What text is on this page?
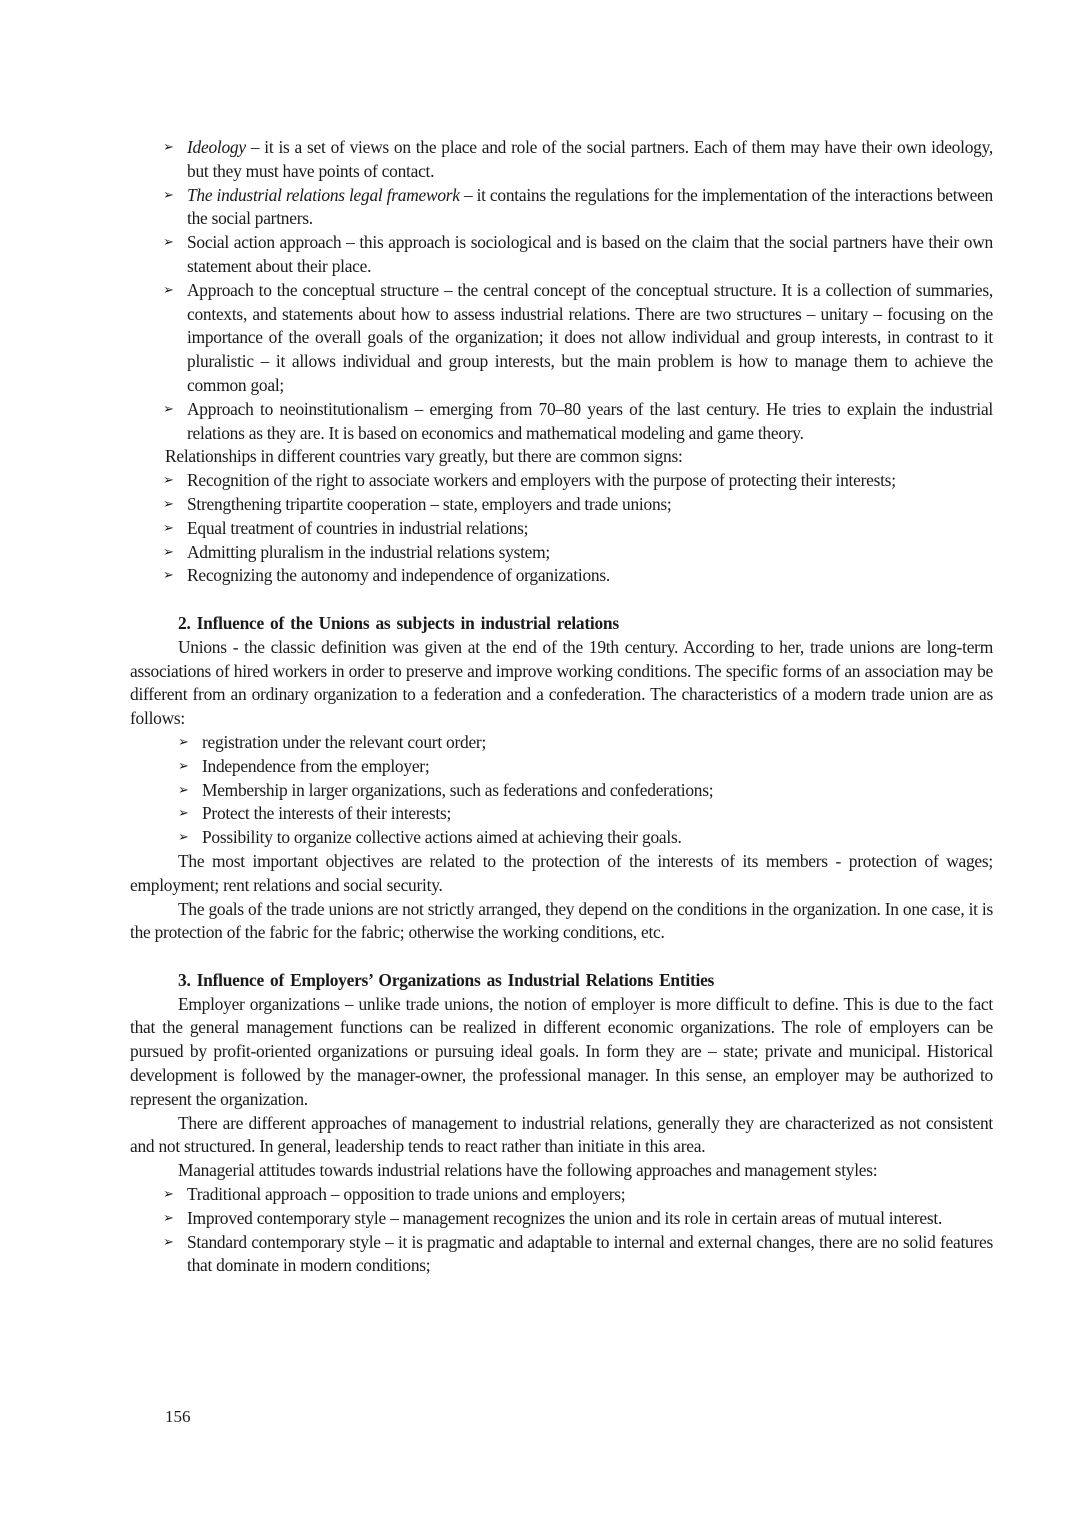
➢ Ideology – it is a set of views on the place and role of the social partners. Each of them may have their own ideology, but they must have points of contact.
➢ The industrial relations legal framework – it contains the regulations for the implementation of the interactions between the social partners.
➢ Social action approach – this approach is sociological and is based on the claim that the social partners have their own statement about their place.
➢ Approach to the conceptual structure – the central concept of the conceptual structure. It is a collection of summaries, contexts, and statements about how to assess industrial relations. There are two structures – unitary – focusing on the importance of the overall goals of the organization; it does not allow individual and group interests, in contrast to it pluralistic – it allows individual and group interests, but the main problem is how to manage them to achieve the common goal;
➢ Approach to neoinstitutionalism – emerging from 70–80 years of the last century. He tries to explain the industrial relations as they are. It is based on economics and mathematical modeling and game theory.
Relationships in different countries vary greatly, but there are common signs:
➢ Recognition of the right to associate workers and employers with the purpose of protecting their interests;
➢ Strengthening tripartite cooperation – state, employers and trade unions;
➢ Equal treatment of countries in industrial relations;
➢ Admitting pluralism in the industrial relations system;
➢ Recognizing the autonomy and independence of organizations.
2. Influence of the Unions as subjects in industrial relations
Unions - the classic definition was given at the end of the 19th century. According to her, trade unions are long-term associations of hired workers in order to preserve and improve working conditions. The specific forms of an association may be different from an ordinary organization to a federation and a confederation. The characteristics of a modern trade union are as follows:
➢ registration under the relevant court order;
➢ Independence from the employer;
➢ Membership in larger organizations, such as federations and confederations;
➢ Protect the interests of their interests;
➢ Possibility to organize collective actions aimed at achieving their goals.
The most important objectives are related to the protection of the interests of its members - protection of wages; employment; rent relations and social security.
The goals of the trade unions are not strictly arranged, they depend on the conditions in the organization. In one case, it is the protection of the fabric for the fabric; otherwise the working conditions, etc.
3. Influence of Employers’ Organizations as Industrial Relations Entities
Employer organizations – unlike trade unions, the notion of employer is more difficult to define. This is due to the fact that the general management functions can be realized in different economic organizations. The role of employers can be pursued by profit-oriented organizations or pursuing ideal goals. In form they are – state; private and municipal. Historical development is followed by the manager-owner, the professional manager. In this sense, an employer may be authorized to represent the organization.
There are different approaches of management to industrial relations, generally they are characterized as not consistent and not structured. In general, leadership tends to react rather than initiate in this area.
Managerial attitudes towards industrial relations have the following approaches and management styles:
➢ Traditional approach – opposition to trade unions and employers;
➢ Improved contemporary style – management recognizes the union and its role in certain areas of mutual interest.
➢ Standard contemporary style – it is pragmatic and adaptable to internal and external changes, there are no solid features that dominate in modern conditions;
156
